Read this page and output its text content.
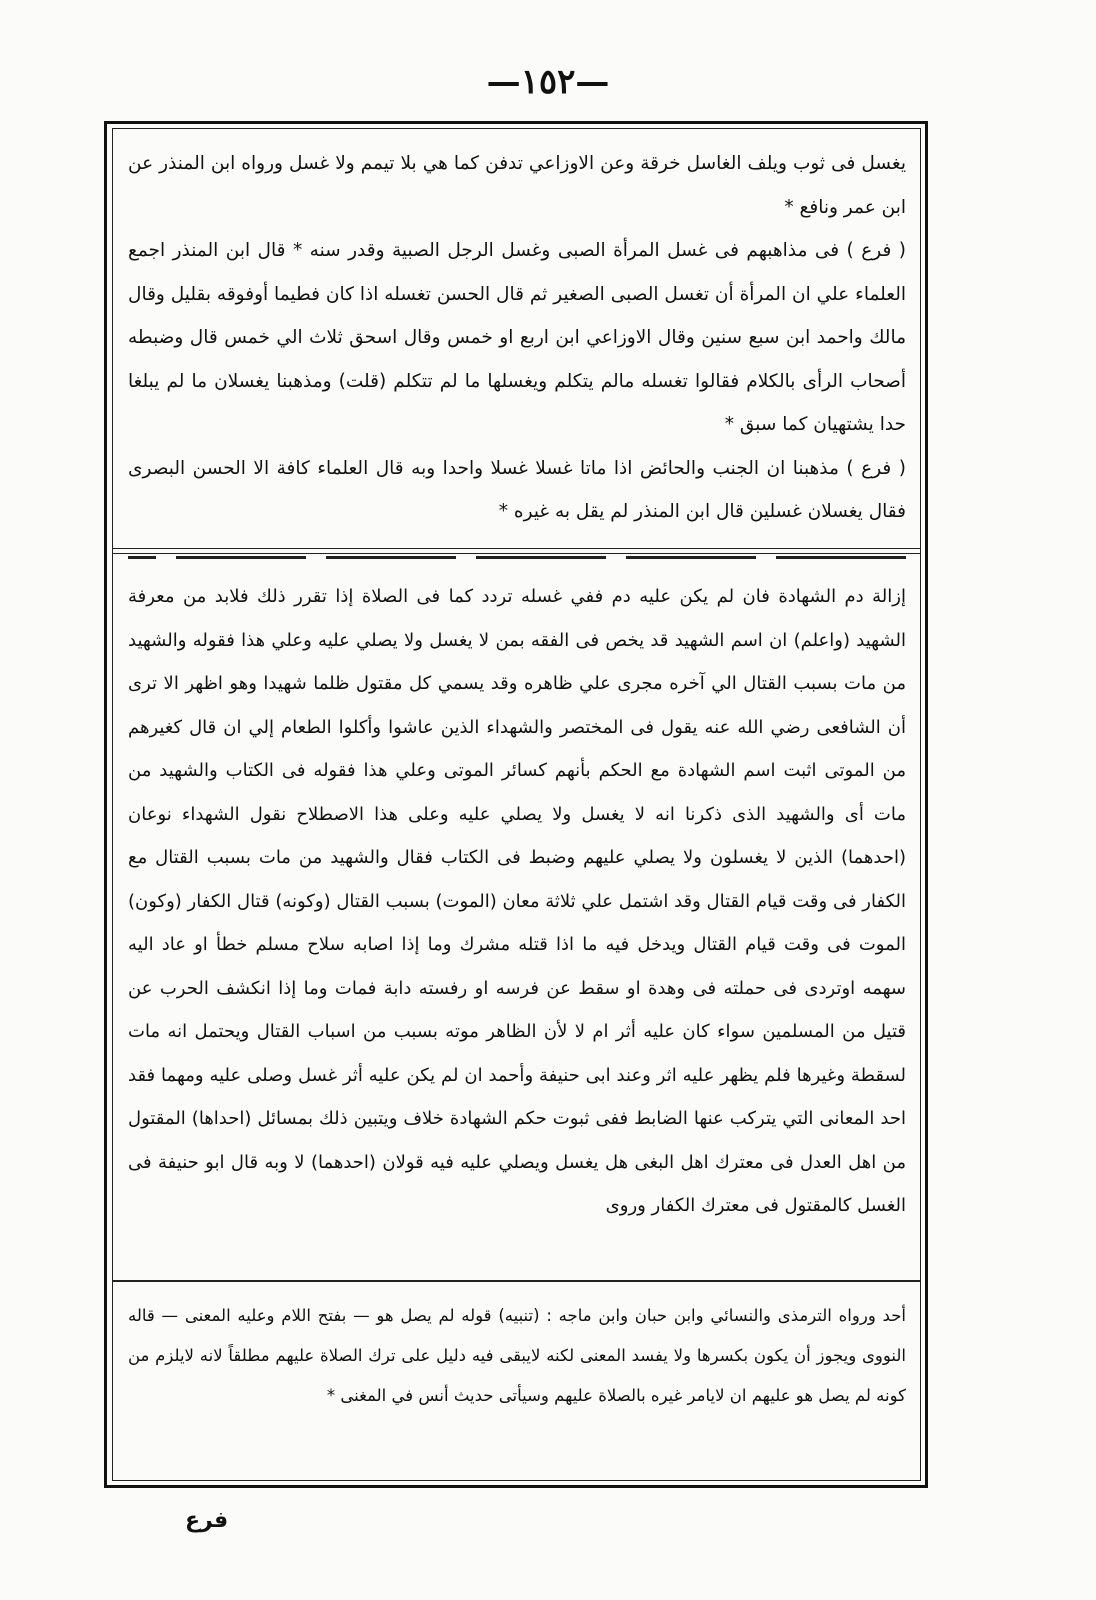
—١٥٢—

يغسل فى ثوب ويلف الغاسل خرقة وعن الاوزاعي تدفن كما هي بلا تيمم ولا غسل ورواه ابن المنذر عن ابن عمر ونافع *

( فرع ) فى مذاهبهم فى غسل المرأة الصبى وغسل الرجل الصبية وقدر سنه * قال ابن المنذر اجمع العلماء علي ان المرأة أن تغسل الصبى الصغير ثم قال الحسن تغسله اذا كان فطيما أوفوقه بقليل وقال مالك واحمد ابن سبع سنين وقال الاوزاعي ابن اربع او خمس وقال اسحق ثلاث الي خمس قال وضبطه أصحاب الرأى بالكلام فقالوا تغسله مالم يتكلم ويغسلها ما لم تتكلم (قلت) ومذهبنا يغسلان ما لم يبلغا حدا يشتهيان كما سبق *

( فرع ) مذهبنا ان الجنب والحائض اذا ماتا غسلا غسلا واحدا وبه قال العلماء كافة الا الحسن البصرى فقال يغسلان غسلين قال ابن المنذر لم يقل به غيره *

إزالة دم الشهادة فان لم يكن عليه دم ففي غسله تردد كما فى الصلاة إذا تقرر ذلك فلابد من معرفة الشهيد (واعلم) ان اسم الشهيد قد يخص فى الفقه بمن لا يغسل ولا يصلي عليه وعلي هذا فقوله والشهيد من مات بسبب القتال الي آخره مجرى علي ظاهره وقد يسمي كل مقتول ظلما شهيدا وهو اظهر الا ترى أن الشافعى رضي الله عنه يقول فى المختصر والشهداء الذين عاشوا وأكلوا الطعام إلي ان قال كغيرهم من الموتى اثبت اسم الشهادة مع الحكم بأنهم كسائر الموتى وعلي هذا فقوله فى الكتاب والشهيد من مات أى والشهيد الذى ذكرنا انه لا يغسل ولا يصلي عليه وعلى هذا الاصطلاح نقول الشهداء نوعان (احدهما) الذين لا يغسلون ولا يصلي عليهم وضبط فى الكتاب فقال والشهيد من مات بسبب القتال مع الكفار فى وقت قيام القتال وقد اشتمل علي ثلاثة معان (الموت) بسبب القتال (وكونه) قتال الكفار (وكون) الموت فى وقت قيام القتال ويدخل فيه ما اذا قتله مشرك وما إذا اصابه سلاح مسلم خطأ او عاد اليه سهمه اوتردى فى حملته فى وهدة او سقط عن فرسه او رفسته دابة فمات وما إذا انكشف الحرب عن قتيل من المسلمين سواء كان عليه أثر ام لا لأن الظاهر موته بسبب من اسباب القتال ويحتمل انه مات لسقطة وغيرها فلم يظهر عليه اثر وعند ابى حنيفة وأحمد ان لم يكن عليه أثر غسل وصلى عليه ومهما فقد احد المعانى التي يتركب عنها الضابط ففى ثبوت حكم الشهادة خلاف ويتبين ذلك بمسائل (احداها) المقتول من اهل العدل فى معترك اهل البغى هل يغسل ويصلي عليه فيه قولان (احدهما) لا وبه قال ابو حنيفة فى الغسل كالمقتول فى معترك الكفار وروى

أحد ورواه الترمذى والنسائي وابن حبان وابن ماجه : (تنبيه) قوله لم يصل هو — بفتح اللام وعليه المعنى — قاله النووى ويجوز أن يكون بكسرها ولا يفسد المعنى لكنه لايبقى فيه دليل على ترك الصلاة عليهم مطلقاً لانه لايلزم من كونه لم يصل هو عليهم ان لايامر غيره بالصلاة عليهم وسيأتى حديث أنس في المغنى *

فرع
